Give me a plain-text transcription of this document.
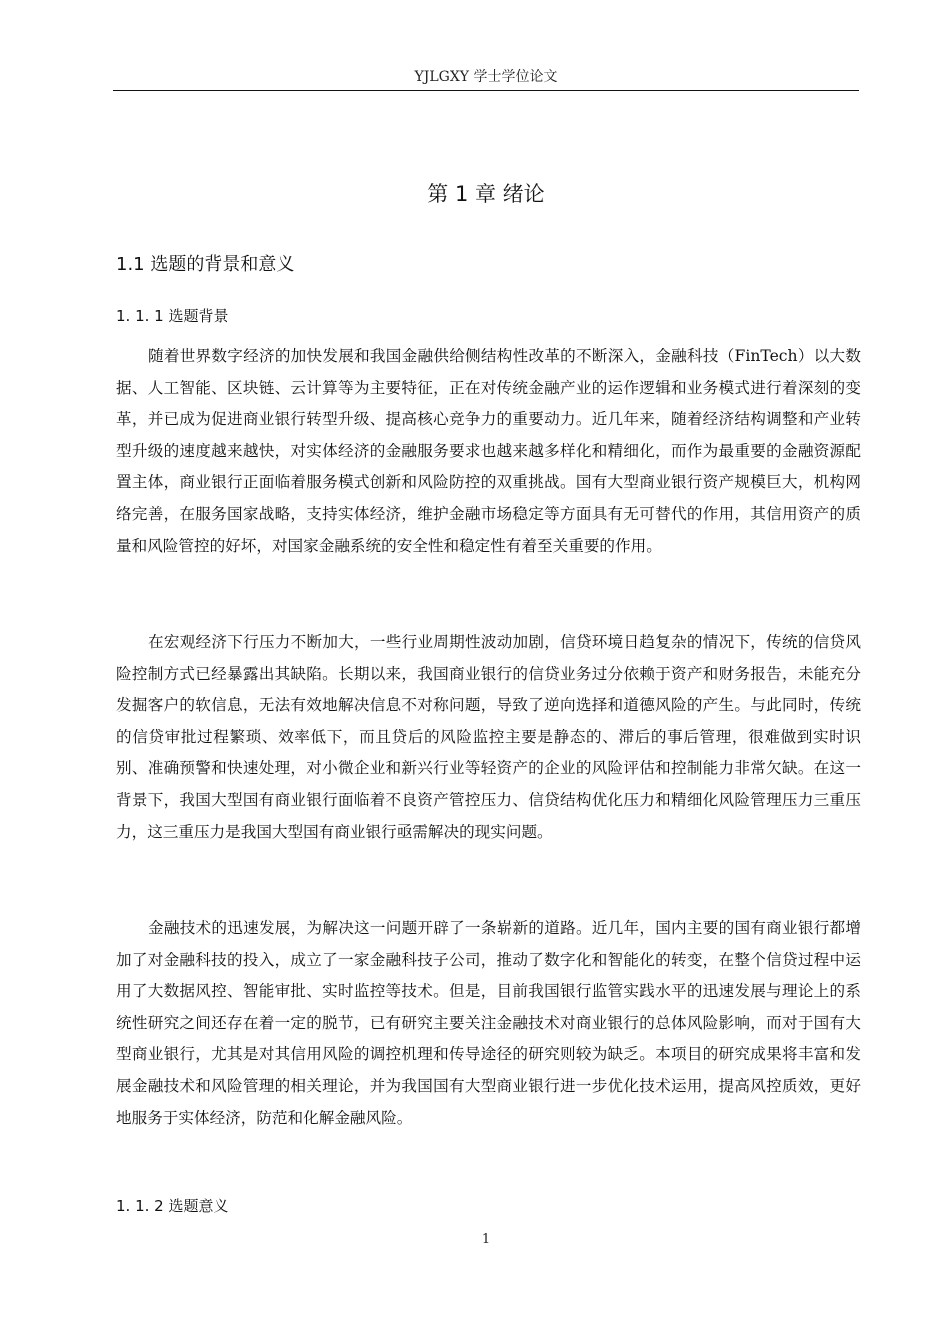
YJLGXY 学士学位论文
第 1 章 绪论
1.1 选题的背景和意义
1. 1. 1 选题背景

随着世界数字经济的加快发展和我国金融供给侧结构性改革的不断深入，金融科技（FinTech）以大数据、人工智能、区块链、云计算等为主要特征，正在对传统金融产业的运作逻辑和业务模式进行着深刻的变革，并已成为促进商业银行转型升级、提高核心竞争力的重要动力。近几年来，随着经济结构调整和产业转型升级的速度越来越快，对实体经济的金融服务要求也越来越多样化和精细化，而作为最重要的金融资源配置主体，商业银行正面临着服务模式创新和风险防控的双重挑战。国有大型商业银行资产规模巨大，机构网络完善，在服务国家战略，支持实体经济，维护金融市场稳定等方面具有无可替代的作用，其信用资产的质量和风险管控的好坏，对国家金融系统的安全性和稳定性有着至关重要的作用。

在宏观经济下行压力不断加大，一些行业周期性波动加剧，信贷环境日趋复杂的情况下，传统的信贷风险控制方式已经暴露出其缺陷。长期以来，我国商业银行的信贷业务过分依赖于资产和财务报告，未能充分发掘客户的软信息，无法有效地解决信息不对称问题，导致了逆向选择和道德风险的产生。与此同时，传统的信贷审批过程繁琐、效率低下，而且贷后的风险监控主要是静态的、滞后的事后管理，很难做到实时识别、准确预警和快速处理，对小微企业和新兴行业等轻资产的企业的风险评估和控制能力非常欠缺。在这一背景下，我国大型国有商业银行面临着不良资产管控压力、信贷结构优化压力和精细化风险管理压力三重压力，这三重压力是我国大型国有商业银行亟需解决的现实问题。

金融技术的迅速发展，为解决这一问题开辟了一条崭新的道路。近几年，国内主要的国有商业银行都增加了对金融科技的投入，成立了一家金融科技子公司，推动了数字化和智能化的转变，在整个信贷过程中运用了大数据风控、智能审批、实时监控等技术。但是，目前我国银行监管实践水平的迅速发展与理论上的系统性研究之间还存在着一定的脱节，已有研究主要关注金融技术对商业银行的总体风险影响，而对于国有大型商业银行，尤其是对其信用风险的调控机理和传导途径的研究则较为缺乏。本项目的研究成果将丰富和发展金融技术和风险管理的相关理论，并为我国国有大型商业银行进一步优化技术运用，提高风控质效，更好地服务于实体经济，防范和化解金融风险。

1. 1. 2 选题意义
1
